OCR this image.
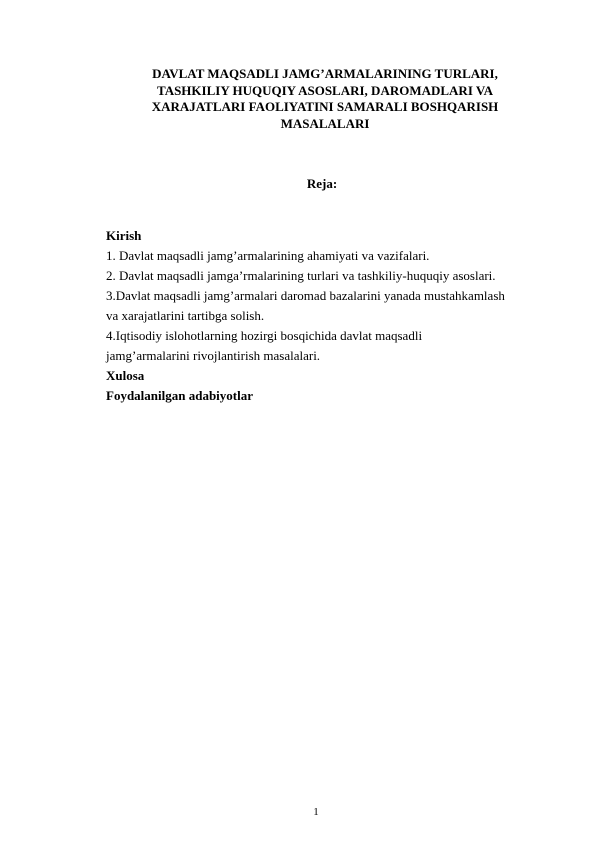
DAVLAT MAQSADLI JAMG’ARMALARINING TURLARI,
TASHKILIY HUQUQIY ASOSLARI, DAROMADLARI VA
XARAJATLARI FAOLIYATINI SAMARALI BOSHQARISH
MASALALARI
Reja:
Kirish
1. Davlat maqsadli jamg’armalarining ahamiyati va vazifalari.
2. Davlat maqsadli jamga’rmalarining turlari va tashkiliy-huquqiy asoslari.
3.Davlat maqsadli jamg’armalari daromad bazalarini yanada mustahkamlash
va xarajatlarini tartibga solish.
4.Iqtisodiy islohotlarning hozirgi bosqichida davlat maqsadli
jamg’armalarini rivojlantirish masalalari.
Xulosa
Foydalanilgan adabiyotlar
1
